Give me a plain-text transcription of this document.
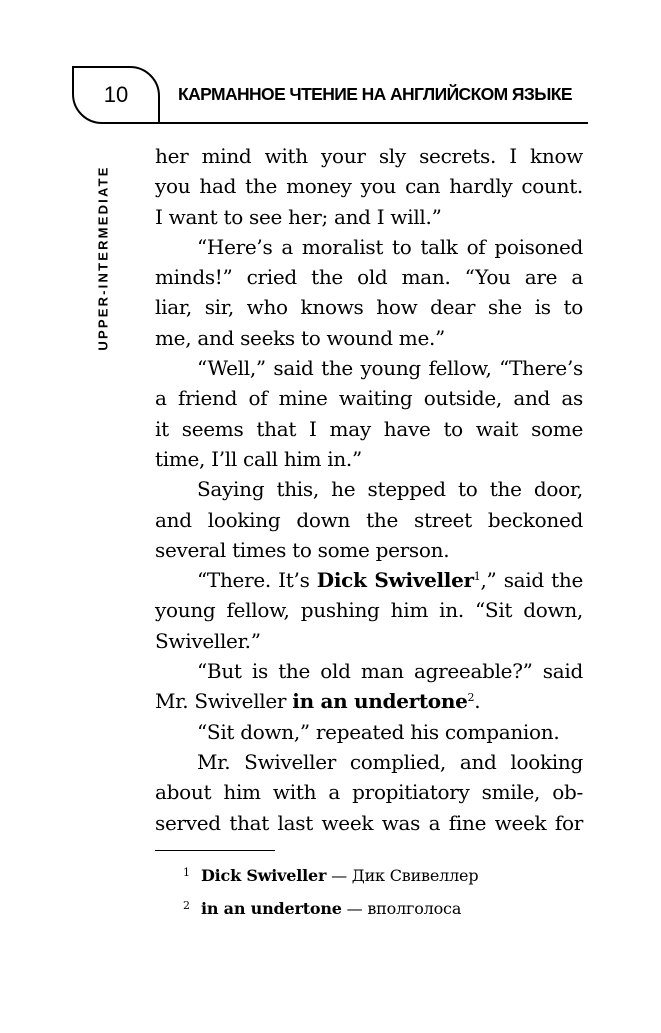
10	КАРМАННОЕ ЧТЕНИЕ НА АНГЛИЙСКОМ ЯЗЫКЕ
UPPER-INTERMEDIATE
her mind with your sly secrets. I know
you had the money you can hardly count.
I want to see her; and I will.”
“Here’s a moralist to talk of poisoned
minds!” cried the old man. “You are a
liar, sir, who knows how dear she is to
me, and seeks to wound me.”
“Well,” said the young fellow, “There’s
a friend of mine waiting outside, and as
it seems that I may have to wait some
time, I’ll call him in.”
Saying this, he stepped to the door,
and looking down the street beckoned
several times to some person.
“There. It’s Dick Swiveller$^1$,” said the
young fellow, pushing him in. “Sit down,
Swiveller.”
“But is the old man agreeable?” said
Mr. Swiveller in an undertone$^2$.
“Sit down,” repeated his companion.
Mr. Swiveller complied, and looking
about him with a propitiatory smile, ob-
served that last week was a fine week for
1 Dick Swiveller — Дик Свивеллер
2 in an undertone — вполголоса
